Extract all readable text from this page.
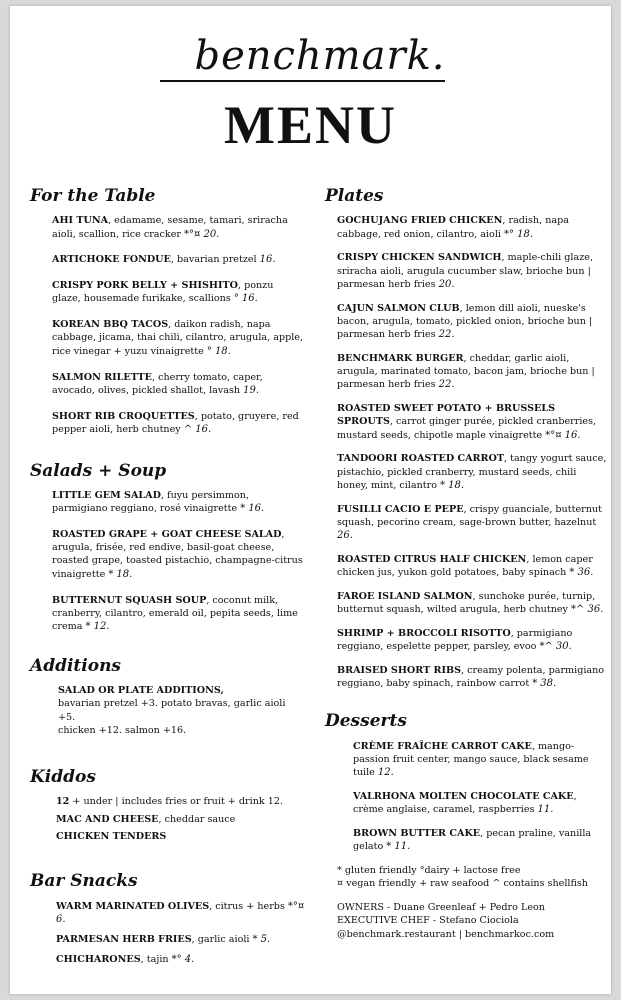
benchmark.
MENU
For the Table
AHI TUNA, edamame, sesame, tamari, sriracha aioli, scallion, rice cracker *°¤ 20.
ARTICHOKE FONDUE, bavarian pretzel 16.
CRISPY PORK BELLY + SHISHITO, ponzu glaze, housemade furikake, scallions ° 16.
KOREAN BBQ TACOS, daikon radish, napa cabbage, jicama, thai chili, cilantro, arugula, apple, rice vinegar + yuzu vinaigrette ° 18.
SALMON RILETTE, cherry tomato, caper, avocado, olives, pickled shallot, lavash 19.
SHORT RIB CROQUETTES, potato, gruyere, red pepper aioli, herb chutney ^ 16.
Salads + Soup
LITTLE GEM SALAD, fuyu persimmon, parmigiano reggiano, rosé vinaigrette * 16.
ROASTED GRAPE + GOAT CHEESE SALAD, arugula, frisée, red endive, basil-goat cheese, roasted grape, toasted pistachio, champagne-citrus vinaigrette * 18.
BUTTERNUT SQUASH SOUP, coconut milk, cranberry, cilantro, emerald oil, pepita seeds, lime crema * 12.
Additions
SALAD OR PLATE ADDITIONS,
bavarian pretzel +3. potato bravas, garlic aioli +5.
chicken +12. salmon +16.
Kiddos
12 + under | includes fries or fruit + drink 12.
MAC AND CHEESE, cheddar sauce
CHICKEN TENDERS
Bar Snacks
WARM MARINATED OLIVES, citrus + herbs *°¤ 6.
PARMESAN HERB FRIES, garlic aioli * 5.
CHICHARONES, tajin *° 4.
Plates
GOCHUJANG FRIED CHICKEN, radish, napa cabbage, red onion, cilantro, aioli *° 18.
CRISPY CHICKEN SANDWICH, maple-chili glaze, sriracha aioli, arugula cucumber slaw, brioche bun | parmesan herb fries 20.
CAJUN SALMON CLUB, lemon dill aioli, nueske's bacon, arugula, tomato, pickled onion, brioche bun | parmesan herb fries 22.
BENCHMARK BURGER, cheddar, garlic aioli, arugula, marinated tomato, bacon jam, brioche bun | parmesan herb fries 22.
ROASTED SWEET POTATO + BRUSSELS SPROUTS, carrot ginger purée, pickled cranberries, mustard seeds, chipotle maple vinaigrette *°¤ 16.
TANDOORI ROASTED CARROT, tangy yogurt sauce, pistachio, pickled cranberry, mustard seeds, chili honey, mint, cilantro * 18.
FUSILLI CACIO E PEPE, crispy guanciale, butternut squash, pecorino cream, sage-brown butter, hazelnut 26.
ROASTED CITRUS HALF CHICKEN, lemon caper chicken jus, yukon gold potatoes, baby spinach * 36.
FAROE ISLAND SALMON, sunchoke purée, turnip, butternut squash, wilted arugula, herb chutney *^ 36.
SHRIMP + BROCCOLI RISOTTO, parmigiano reggiano, espelette pepper, parsley, evoo *^ 30.
BRAISED SHORT RIBS, creamy polenta, parmigiano reggiano, baby spinach, rainbow carrot * 38.
Desserts
CRÈME FRAÎCHE CARROT CAKE, mango-passion fruit center, mango sauce, black sesame tuile 12.
VALRHONA MOLTEN CHOCOLATE CAKE, crème anglaise, caramel, raspberries 11.
BROWN BUTTER CAKE, pecan praline, vanilla gelato * 11.
* gluten friendly °dairy + lactose free
¤ vegan friendly + raw seafood ^ contains shellfish
OWNERS - Duane Greenleaf + Pedro Leon
EXECUTIVE CHEF - Stefano Ciociola
@benchmark.restaurant | benchmarkoc.com
